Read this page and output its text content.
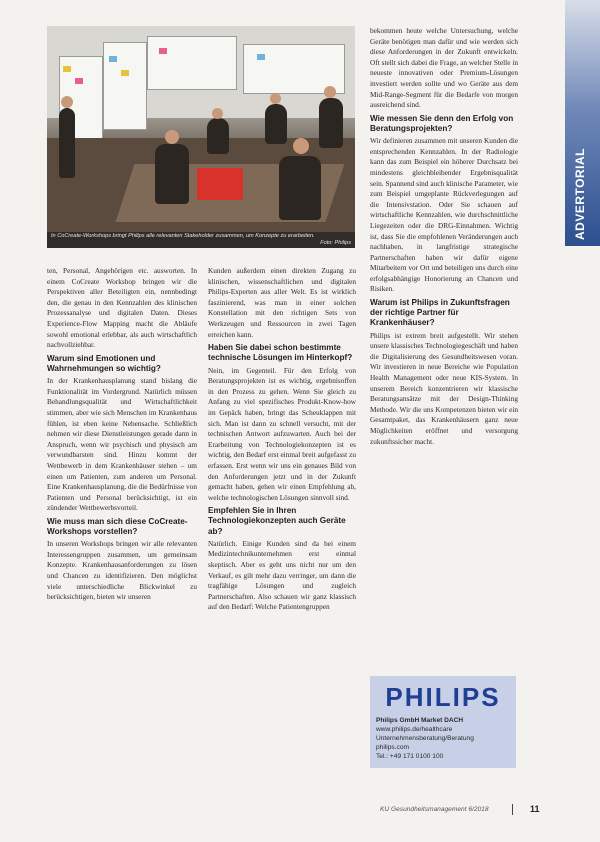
In CoCreate-Workshops bringt Philips alle relevanten Stakeholder zusammen, um Konzepte zu erarbeiten.
Foto: Philips

ten, Personal, Angehörigen etc. ausworten. In einem CoCreate Workshop bringen wir die Perspektiven aller Beteiligten ein, nennbedingt den, die genau in den Kennzahlen des klinischen Prozessanalyse und digitalen Daten. Dieses Experience-Flow Mapping macht die Abläufe sowohl emotional erlebbar, als auch wirtschaftlich nachvollziehbar.

Warum sind Emotionen und Wahrnehmungen so wichtig?

In der Krankenhausplanung stand bislang die Funktionalität im Vordergrund. Natürlich müssen Behandlungsqualität und Wirtschaftlichkeit stimmen, aber wie sich Menschen im Krankenhaus fühlen, ist eben keine Nebensache. Schließlich nehmen wir diese Dienstleistungen gerade dann in Anspruch, wenn wir psychisch und physisch am verwundbarsten sind. Hinzu kommt der Wettbewerb in dem Krankenhäuser stehen – um einen um Patienten, zum anderen um Personal. Eine Krankenhausplanung, die die Bedürfnisse von Patienten und Personal berücksichtigt, ist ein zündender Wettbewerbsvorteil.

Wie muss man sich diese CoCreate-Workshops vorstellen?

In unseren Workshops bringen wir alle relevanten Interessengruppen zusammen, um gemeinsam Konzepte. Krankenhausanforderungen zu lösen und Chancen zu identifizieren. Den möglichst viele unterschiedliche Blickwinkel zu berücksichtigen, bieten wir unseren

Kunden außerdem einen direkten Zugang zu klinischen, wissenschaftlichen und digitalen Philips-Experten aus aller Welt. Es ist wirklich faszinierend, was man in einer solchen Konstellation mit den richtigen Sets von Werkzeugen und Ressourcen in zwei Tagen erreichen kann.

Haben Sie dabei schon bestimmte technische Lösungen im Hinterkopf?

Nein, im Gegenteil. Für den Erfolg von Beratungsprojekten ist es wichtig, ergebnisoffen in den Prozess zu gehen. Wenn Sie gleich zu Anfang zu viel spezifisches Produkt-Know-how im Gepäck haben, bringt das Scheuklappen mit sich. Man ist dann zu schnell versucht, mit der technischen Antwort aufzuwarten. Auch bei der Erarbeitung von Technologiekonzepten ist es wichtig, den Bedarf erst einmal breit aufgefasst zu erfassen. Erst wenn wir uns ein genaues Bild von den Anforderungen jetzt und in der Zukunft gemacht haben, gehen wir einen Empfehlung ab, welche technologischen Lösungen sinnvoll sind.

Empfehlen Sie in Ihren Technologiekonzepten auch Geräte ab?

Natürlich. Einige Kunden sind da bei einem Medizintechnikunternehmen erst einmal skeptisch. Aber es geht uns nicht nur um den Verkauf, es gilt mehr dazu verringer, um dann die tragfähige Lösungen und zugleich Partnerschaften. Also schauen wir ganz klassisch auf den Bedarf: Welche Patientengruppen

bekommen heute welche Untersuchung, welche Geräte benötigen man dafür und wie werden sich diese Anforderungen in der Zukunft entwickeln. Oft stellt sich dabei die Frage, an welcher Stelle in neueste innovativen oder Premium-Lösungen investiert werden sollte und wo Geräte aus dem Mid-Range-Segment für die Bedarfe von morgen ausreichend sind.

Wie messen Sie denn den Erfolg von Beratungsprojekten?

Wir definieren zusammen mit unseren Kunden die entsprechenden Kennzahlen. In der Radiologie kann das zum Beispiel ein höherer Durchsatz bei mindestens gleichbleibender Ergebnisqualität sein. Spannend sind auch klinische Parameter, wie zum Beispiel umgeplante Rückverlegungen auf die Intensivstation. Oder Sie schauen auf wirtschaftliche Kennzahlen, wie durchschnittliche Liegezeiten oder die DRG-Einnahmen. Wichtig ist, dass Sie die empfohlenen Veränderungen auch nachhaben, in langfristige strategische Partnerschaften haben wir dafür eigene Mitarbeitern vor Ort und beteiligen uns durch eine erfolgsabhängige Honorierung an Chancen und Risiken.

Warum ist Philips in Zukunftsfragen der richtige Partner für Krankenhäuser?

Philips ist extrem breit aufgestellt. Wir stehen unsere klassisches Technologiegeschäft und haben die Digitalisierung des Gesundheitswesen voran. Wir investieren in neue Bereiche wie Population Health Management oder neue KIS-System. In unserem Bereich konzentrieren wir klassische Beratungsansätze mit der Design-Thinking Methode. Wir die uns Kompetenzen bieten wir ein Gesamtpaket, das Krankenhäusern ganz neue Möglichkeiten eröffnet und versorgung zukunftssicher macht.

ADVERTORIAL
PHILIPS
Philips GmbH Market DACH
www.philips.de/healthcare
Unternehmensberatung/Beratung
philips.com
Tel.: +49 171 0100 100
KU Gesundheitsmanagement 6/2018	11
